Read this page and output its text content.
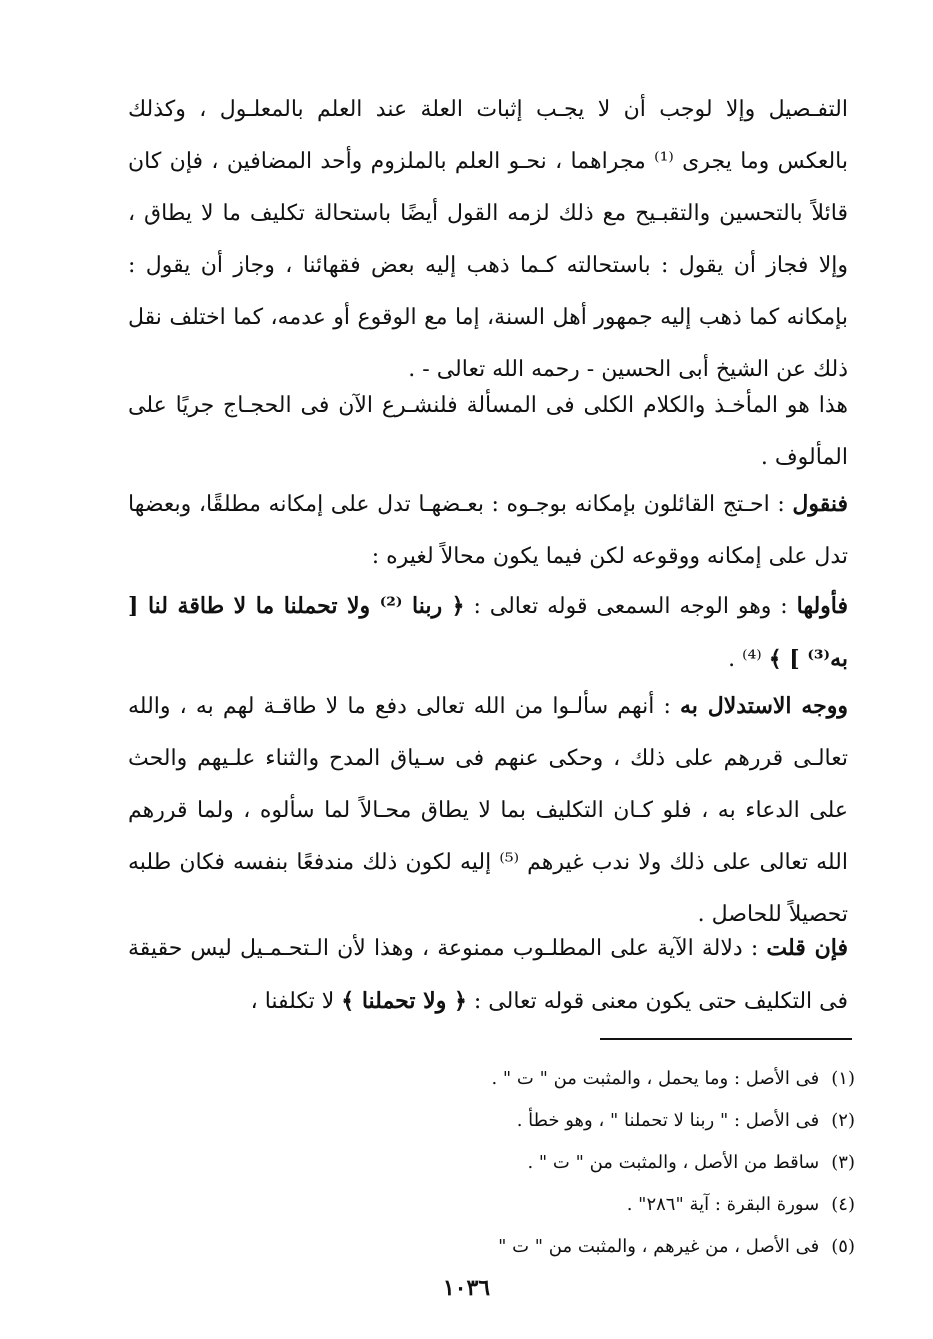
التفـصيل وإلا لوجب أن لا يجـب إثبات العلة عند العلم بالمعلـول ، وكذلك بالعكس وما يجرى ⁽¹⁾ مجراهما ، نحـو العلم بالملزوم وأحد المضافين ، فإن كان قائلاً بالتحسين والتقبـيح مع ذلك لزمه القول أيضًا باستحالة تكليف ما لا يطاق ، وإلا فجاز أن يقول : باستحالته كـما ذهب إليه بعض فقهائنا ، وجاز أن يقول : بإمكانه كما ذهب إليه جمهور أهل السنة، إما مع الوقوع أو عدمه، كما اختلف نقل ذلك عن الشيخ أبى الحسين - رحمه الله تعالى - .

هذا هو المأخـذ والكلام الكلى فى المسألة فلنشـرع الآن فى الحجـاج جريًا على المألوف .

فنقول : احـتج القائلون بإمكانه بوجـوه : بعـضهـا تدل على إمكانه مطلقًا، وبعضها تدل على إمكانه ووقوعه لكن فيما يكون محالاً لغيره :

فأولها : وهو الوجه السمعى قوله تعالى : ﴿ ربنا ⁽²⁾ ولا تحملنا ما لا طاقة لنا [ به⁽³⁾ ] ﴾ ⁽⁴⁾ .

ووجه الاستدلال به : أنهم سألـوا من الله تعالى دفع ما لا طاقـة لهم به ، والله تعالـى قررهم على ذلك ، وحكى عنهم فى سـياق المدح والثناء علـيهم والحث على الدعاء به ، فلو كـان التكليف بما لا يطاق محـالاً لما سألوه ، ولما قررهم الله تعالى على ذلك ولا ندب غيرهم ⁽⁵⁾ إليه لكون ذلك مندفعًا بنفسه فكان طلبه تحصيلاً للحاصل .

فإن قلت : دلالة الآية على المطلـوب ممنوعة ، وهذا لأن الـتحـمـيل ليس حقيقة فى التكليف حتى يكون معنى قوله تعالى : ﴿ ولا تحملنا ﴾ لا تكلفنا ،

(١) فى الأصل : وما يحمل ، والمثبت من " ت " .

(٢) فى الأصل : " ربنا لا تحملنا " ، وهو خطأ .

(٣) ساقط من الأصل ، والمثبت من " ت " .

(٤) سورة البقرة : آية "٢٨٦" .

(٥) فى الأصل ، من غيرهم ، والمثبت من " ت "

١٠٣٦
